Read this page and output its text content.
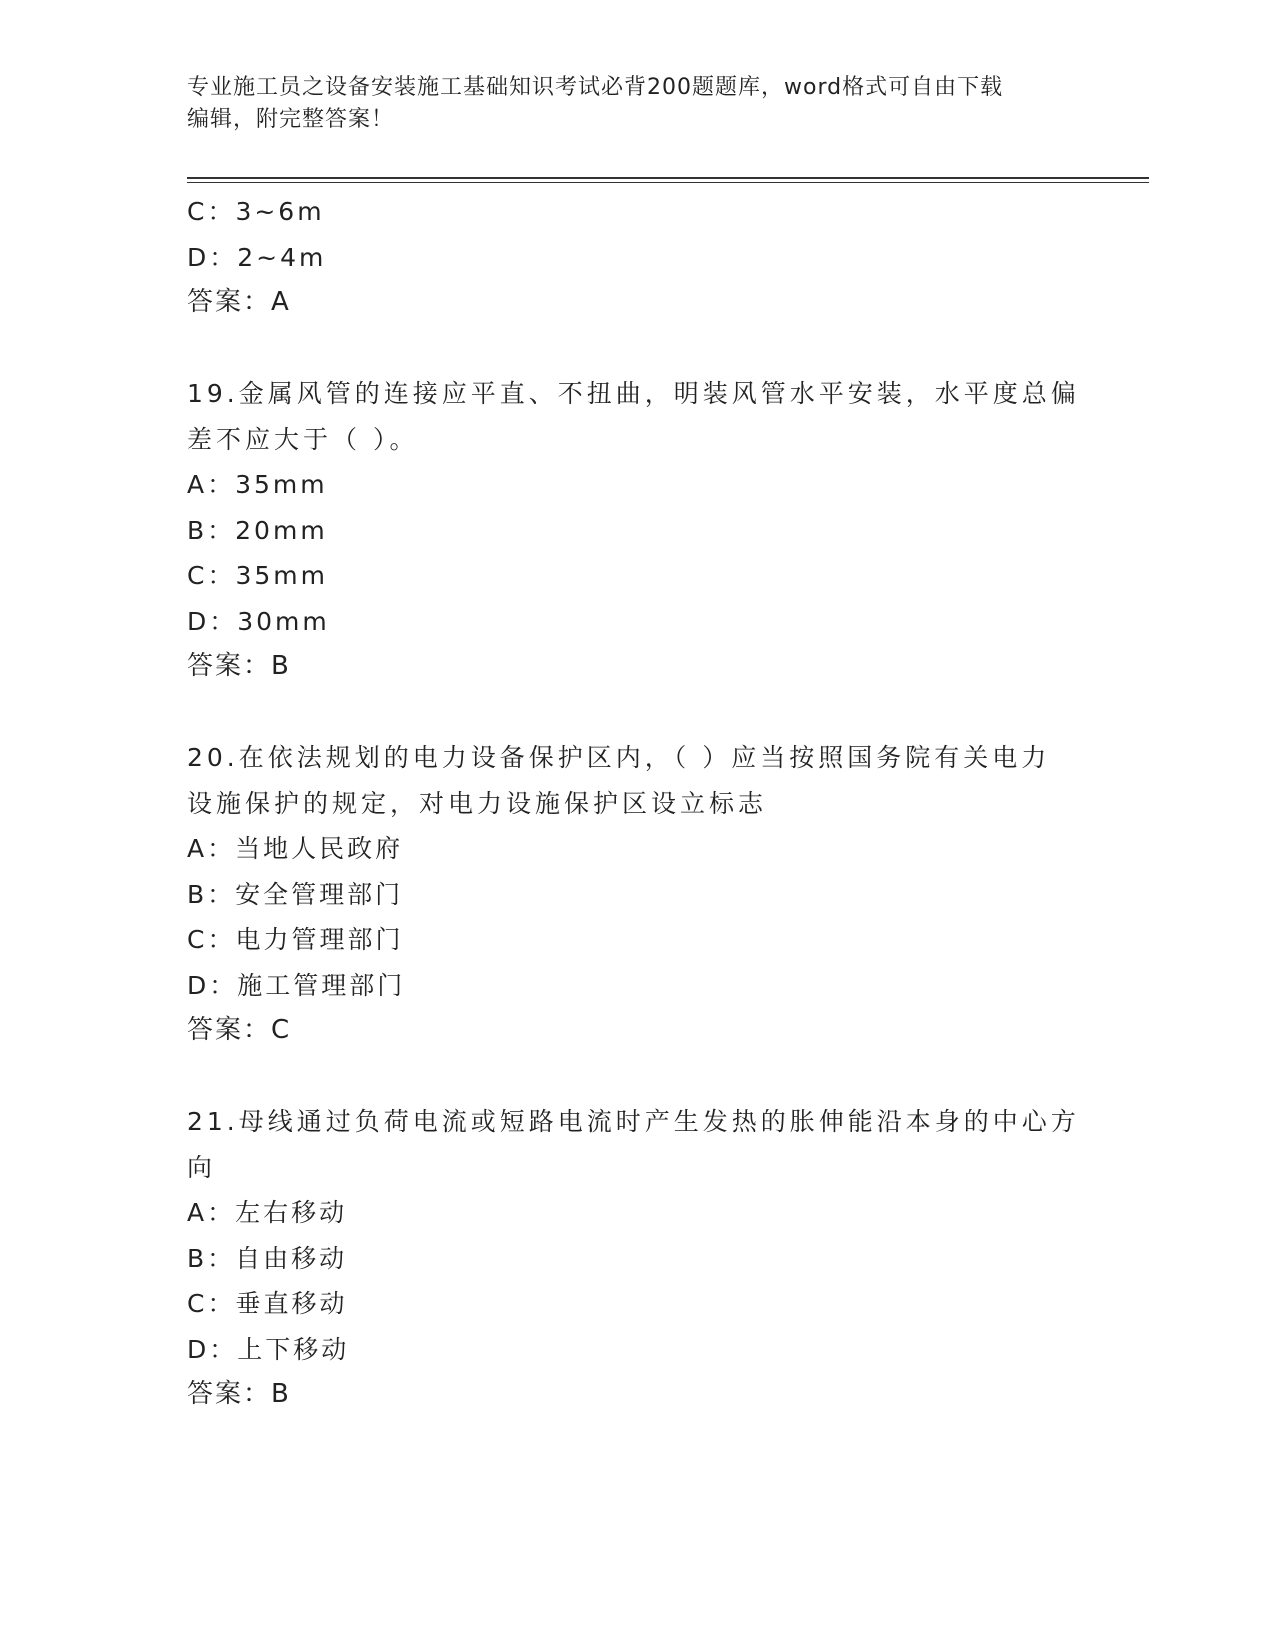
专业施工员之设备安装施工基础知识考试必背200题题库，word格式可自由下载
编辑，附完整答案！
C：3~6m
D：2~4m
答案：A
19.金属风管的连接应平直、不扭曲，明装风管水平安装，水平度总偏
差不应大于（ ）。
A：35mm
B：20mm
C：35mm
D：30mm
答案：B
20.在依法规划的电力设备保护区内，（ ）应当按照国务院有关电力
设施保护的规定，对电力设施保护区设立标志
A：当地人民政府
B：安全管理部门
C：电力管理部门
D：施工管理部门
答案：C
21.母线通过负荷电流或短路电流时产生发热的胀伸能沿本身的中心方
向
A：左右移动
B：自由移动
C：垂直移动
D：上下移动
答案：B
